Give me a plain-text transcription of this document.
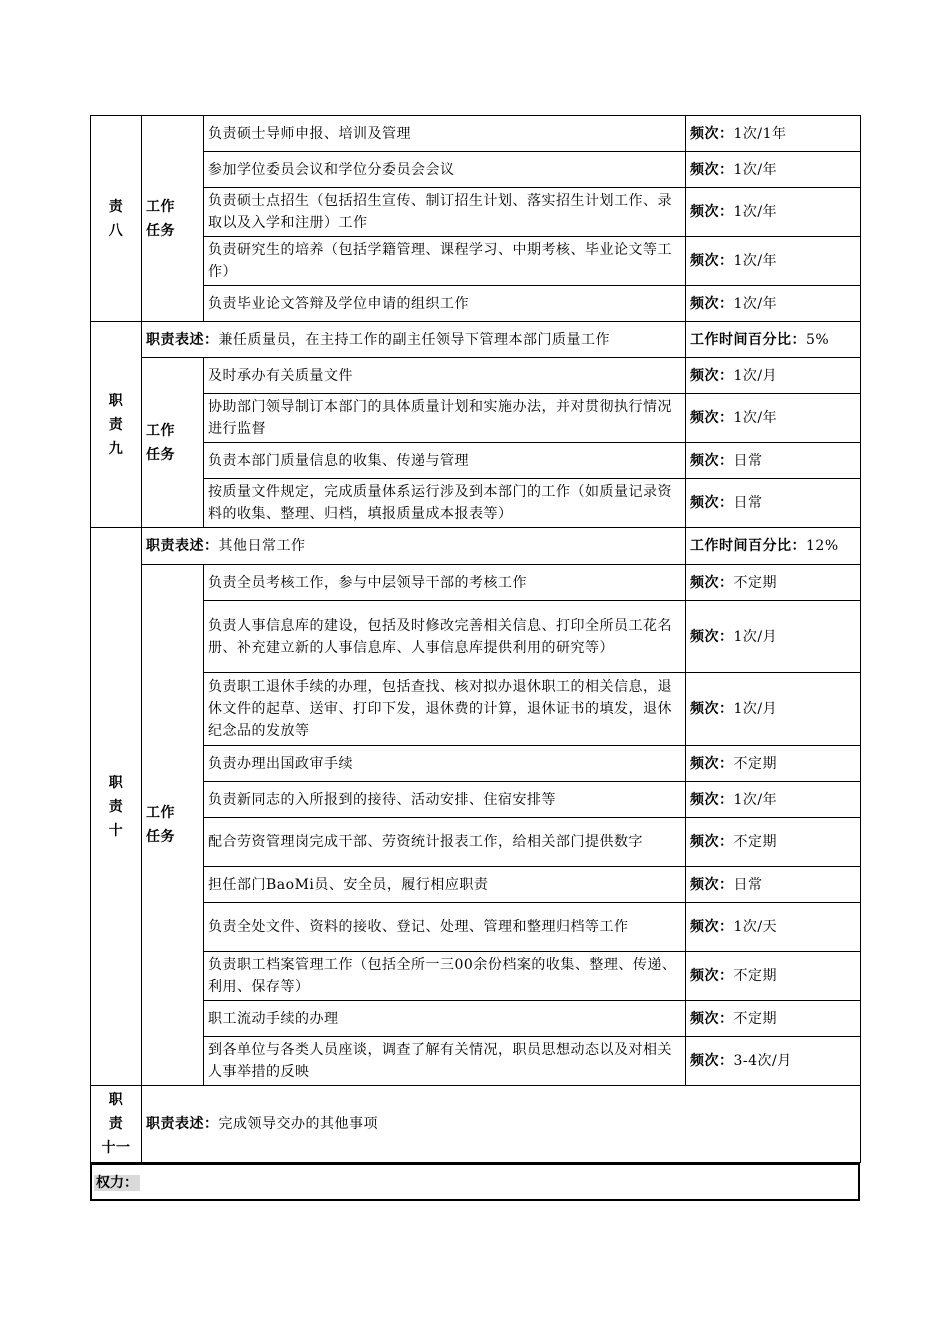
责
八	工作
任务	负责硕士导师申报、培训及管理	频次：1次/1年
		参加学位委员会议和学位分委员会会议	频次：1次/年
		负责硕士点招生（包括招生宣传、制订招生计划、落实招生计划工作、录取以及入学和注册）工作	频次：1次/年
		负责研究生的培养（包括学籍管理、课程学习、中期考核、毕业论文等工作）	频次：1次/年
		负责毕业论文答辩及学位申请的组织工作	频次：1次/年

职
责
九	职责表述：兼任质量员，在主持工作的副主任领导下管理本部门质量工作		工作时间百分比：5%

	工作
任务	及时承办有关质量文件	频次：1次/月
		协助部门领导制订本部门的具体质量计划和实施办法，并对贯彻执行情况进行监督	频次：1次/年
		负责本部门质量信息的收集、传递与管理	频次：日常
		按质量文件规定，完成质量体系运行涉及到本部门的工作（如质量记录资料的收集、整理、归档，填报质量成本报表等）	频次：日常

职
责
十	职责表述：其他日常工作		工作时间百分比：12%

	工作
任务	负责全员考核工作，参与中层领导干部的考核工作	频次：不定期
		负责人事信息库的建设，包括及时修改完善相关信息、打印全所员工花名册、补充建立新的人事信息库、人事信息库提供利用的研究等）	频次：1次/月
		负责职工退休手续的办理，包括查找、核对拟办退休职工的相关信息，退休文件的起草、送审、打印下发，退休费的计算，退休证书的填发，退休纪念品的发放等	频次：1次/月
		负责办理出国政审手续	频次：不定期
		负责新同志的入所报到的接待、活动安排、住宿安排等	频次：1次/年
		配合劳资管理岗完成干部、劳资统计报表工作，给相关部门提供数字	频次：不定期
		担任部门BaoMi员、安全员，履行相应职责	频次：日常
		负责全处文件、资料的接收、登记、处理、管理和整理归档等工作	频次：1次/天
		负责职工档案管理工作（包括全所一三00余份档案的收集、整理、传递、利用、保存等）	频次：不定期
		职工流动手续的办理	频次：不定期
		到各单位与各类人员座谈，调查了解有关情况，职员思想动态以及对相关人事举措的反映	频次：3-4次/月

职
责
十一	职责表述：完成领导交办的其他事项		
权力：
